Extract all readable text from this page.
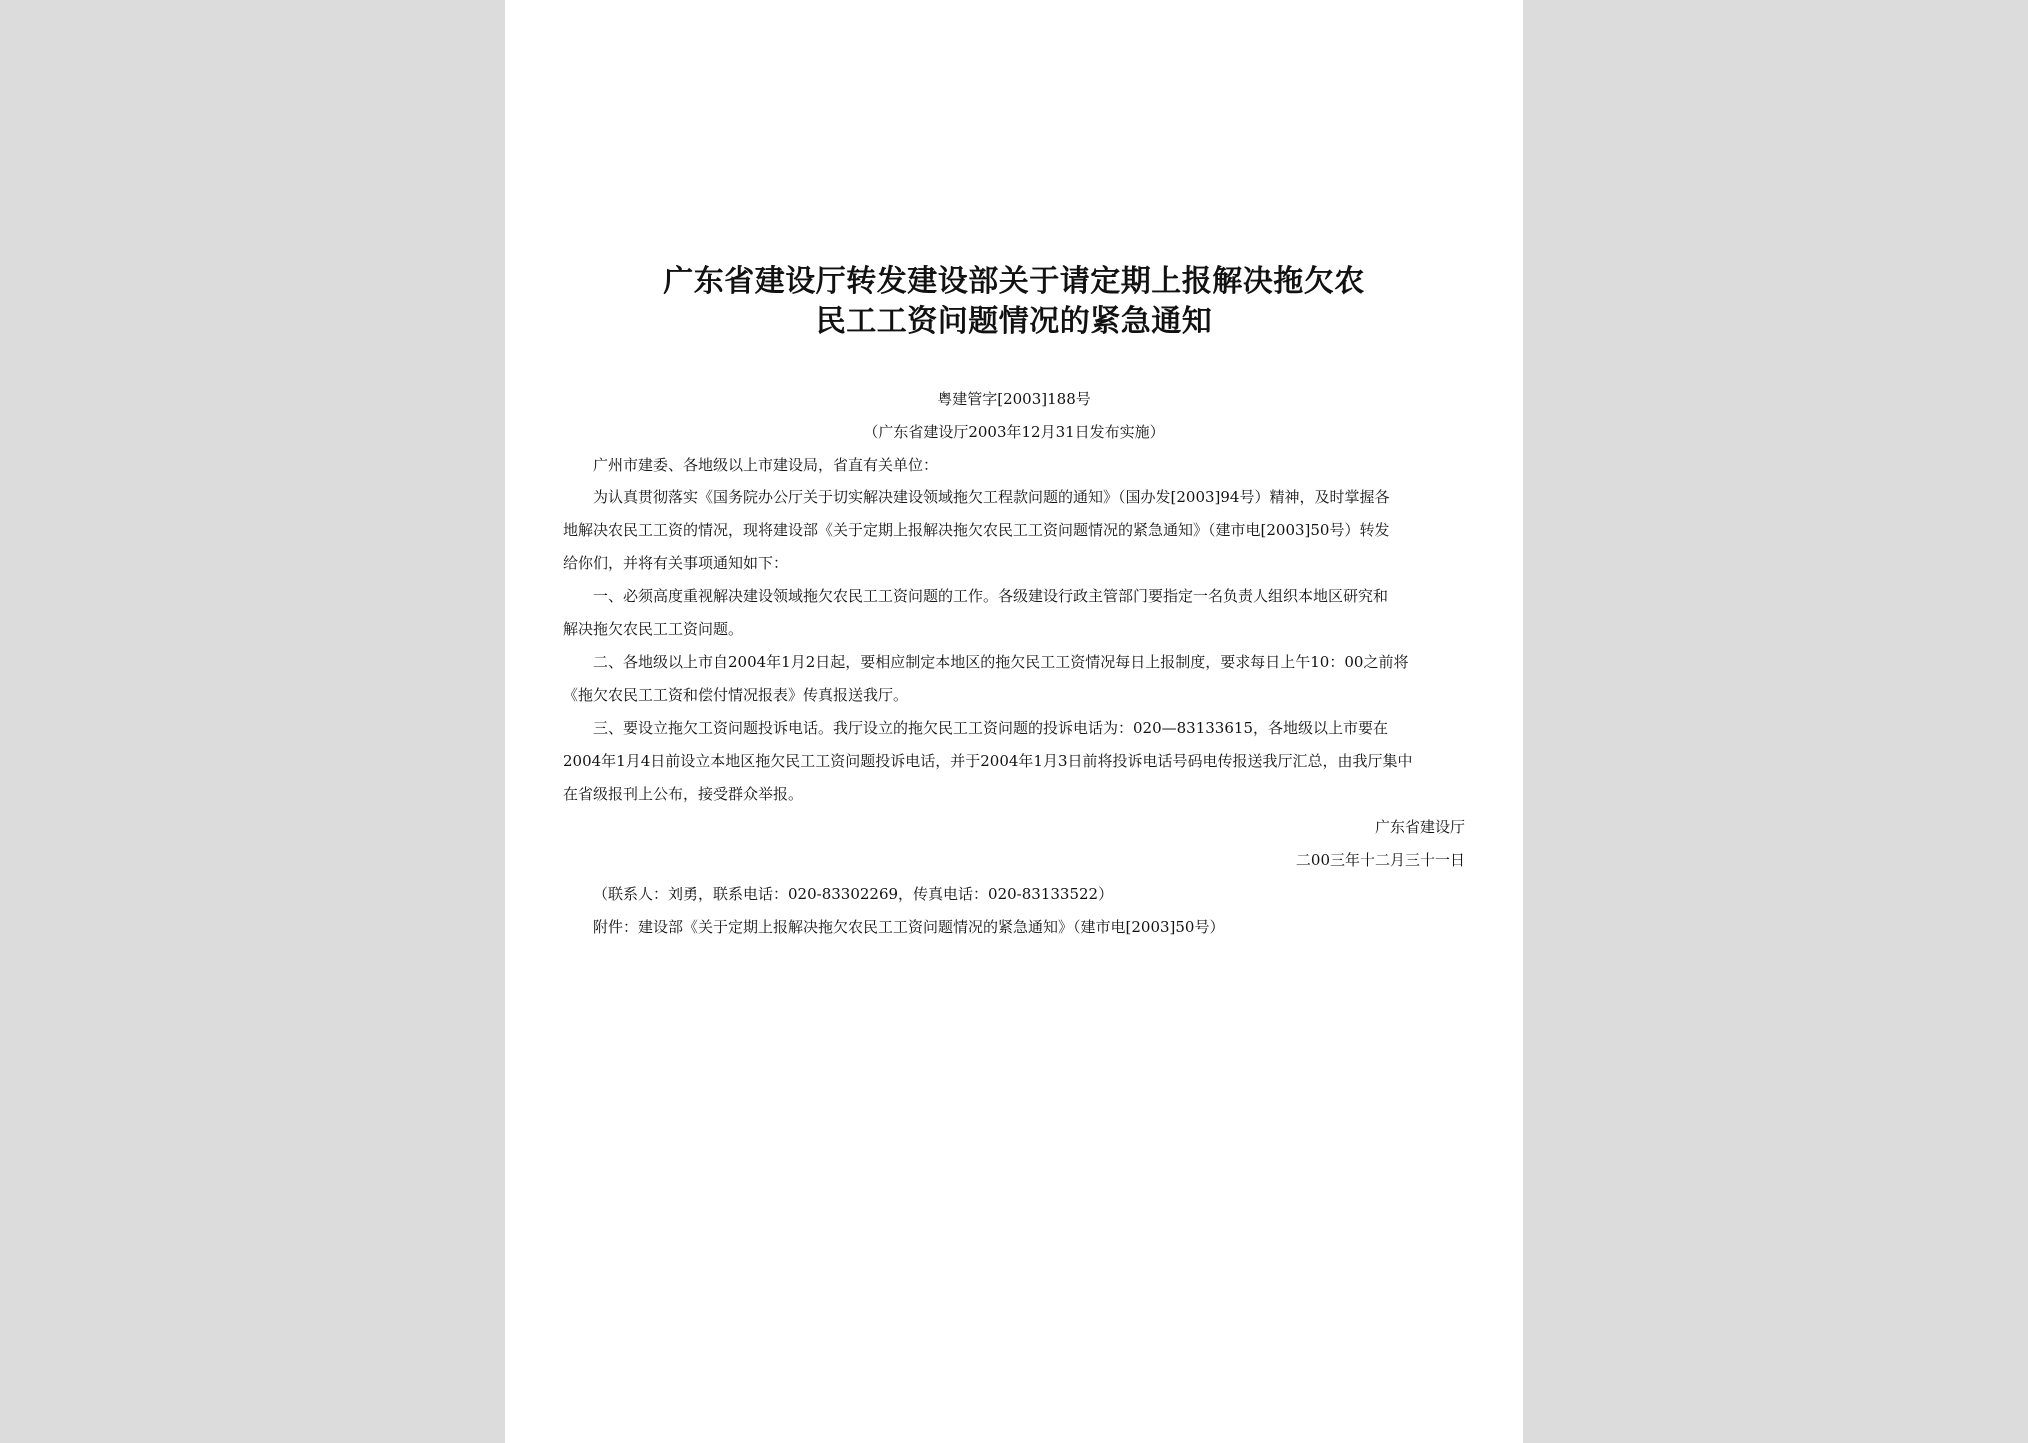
广东省建设厅转发建设部关于请定期上报解决拖欠农
民工工资问题情况的紧急通知
粤建管字[2003]188号
（广东省建设厅2003年12月31日发布实施）
广州市建委、各地级以上市建设局，省直有关单位：
为认真贯彻落实《国务院办公厅关于切实解决建设领域拖欠工程款问题的通知》（国办发[2003]94号）精神，及时掌握各
地解决农民工工资的情况，现将建设部《关于定期上报解决拖欠农民工工资问题情况的紧急通知》（建市电[2003]50号）转发
给你们，并将有关事项通知如下：
一、必须高度重视解决建设领域拖欠农民工工资问题的工作。各级建设行政主管部门要指定一名负责人组织本地区研究和
解决拖欠农民工工资问题。
二、各地级以上市自2004年1月2日起，要相应制定本地区的拖欠民工工资情况每日上报制度，要求每日上午10：00之前将
《拖欠农民工工资和偿付情况报表》传真报送我厅。
三、要设立拖欠工资问题投诉电话。我厅设立的拖欠民工工资问题的投诉电话为：020—83133615，各地级以上市要在
2004年1月4日前设立本地区拖欠民工工资问题投诉电话，并于2004年1月3日前将投诉电话号码电传报送我厅汇总，由我厅集中
在省级报刊上公布，接受群众举报。
广东省建设厅
二00三年十二月三十一日
（联系人：刘勇，联系电话：020-83302269，传真电话：020-83133522）
附件：建设部《关于定期上报解决拖欠农民工工资问题情况的紧急通知》（建市电[2003]50号）
